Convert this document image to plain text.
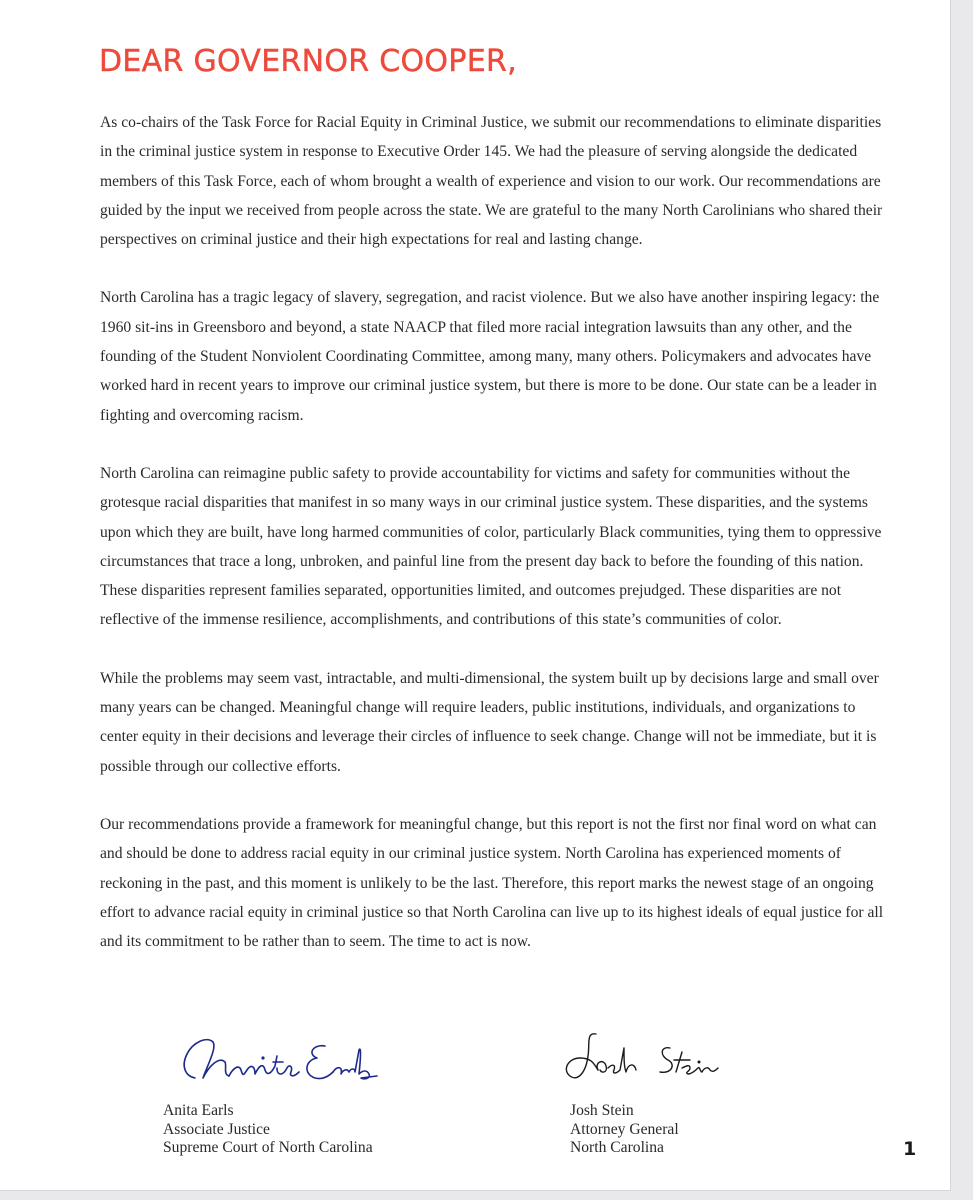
DEAR GOVERNOR COOPER,

As co-chairs of the Task Force for Racial Equity in Criminal Justice, we submit our recommendations to eliminate disparities in the criminal justice system in response to Executive Order 145. We had the pleasure of serving alongside the dedicated members of this Task Force, each of whom brought a wealth of experience and vision to our work. Our recommendations are guided by the input we received from people across the state. We are grateful to the many North Carolinians who shared their perspectives on criminal justice and their high expectations for real and lasting change.

North Carolina has a tragic legacy of slavery, segregation, and racist violence. But we also have another inspiring legacy: the 1960 sit-ins in Greensboro and beyond, a state NAACP that filed more racial integration lawsuits than any other, and the founding of the Student Nonviolent Coordinating Committee, among many, many others. Policymakers and advocates have worked hard in recent years to improve our criminal justice system, but there is more to be done. Our state can be a leader in fighting and overcoming racism.

North Carolina can reimagine public safety to provide accountability for victims and safety for communities without the grotesque racial disparities that manifest in so many ways in our criminal justice system. These disparities, and the systems upon which they are built, have long harmed communities of color, particularly Black communities, tying them to oppressive circumstances that trace a long, unbroken, and painful line from the present day back to before the founding of this nation. These disparities represent families separated, opportunities limited, and outcomes prejudged. These disparities are not reflective of the immense resilience, accomplishments, and contributions of this state’s communities of color.

While the problems may seem vast, intractable, and multi-dimensional, the system built up by decisions large and small over many years can be changed. Meaningful change will require leaders, public institutions, individuals, and organizations to center equity in their decisions and leverage their circles of influence to seek change. Change will not be immediate, but it is possible through our collective efforts.

Our recommendations provide a framework for meaningful change, but this report is not the first nor final word on what can and should be done to address racial equity in our criminal justice system. North Carolina has experienced moments of reckoning in the past, and this moment is unlikely to be the last. Therefore, this report marks the newest stage of an ongoing effort to advance racial equity in criminal justice so that North Carolina can live up to its highest ideals of equal justice for all and its commitment to be rather than to seem. The time to act is now.

Anita Earls
Associate Justice
Supreme Court of North Carolina
Josh Stein
Attorney General
North Carolina	1
